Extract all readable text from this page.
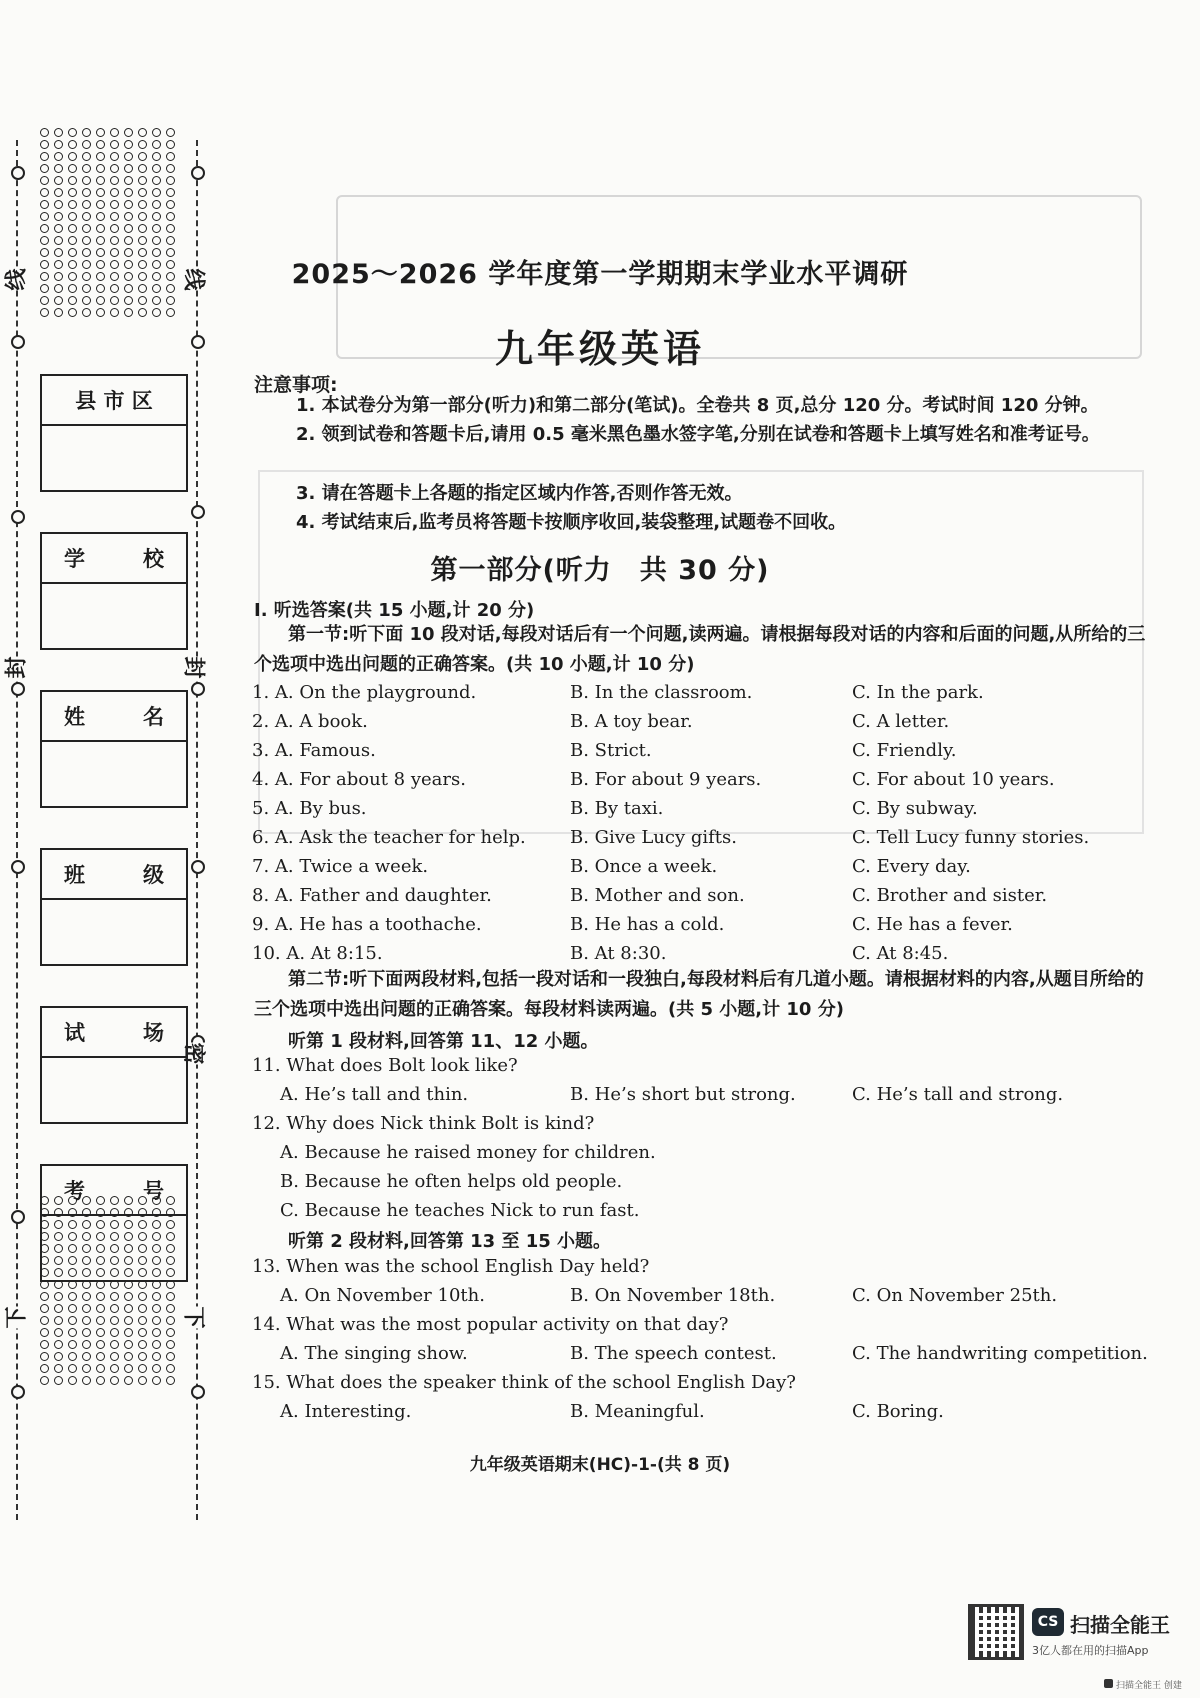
线
封
下
线
封
密
下
县 市 区
学	校
姓	名
班	级
试	场
考	号
2025～2026 学年度第一学期期末学业水平调研
九年级英语
注意事项:
1. 本试卷分为第一部分(听力)和第二部分(笔试)。全卷共 8 页,总分 120 分。考试时间 120 分钟。
2. 领到试卷和答题卡后,请用 0.5 毫米黑色墨水签字笔,分别在试卷和答题卡上填写姓名和准考证号。
3. 请在答题卡上各题的指定区域内作答,否则作答无效。
4. 考试结束后,监考员将答题卡按顺序收回,装袋整理,试题卷不回收。
第一部分(听力　共 30 分)
Ⅰ. 听选答案(共 15 小题,计 20 分)
第一节:听下面 10 段对话,每段对话后有一个问题,读两遍。请根据每段对话的内容和后面的问题,从所给的三个选项中选出问题的正确答案。(共 10 小题,计 10 分)
1. A. On the playground.	B. In the classroom.	C. In the park.
2. A. A book.	B. A toy bear.	C. A letter.
3. A. Famous.	B. Strict.	C. Friendly.
4. A. For about 8 years.	B. For about 9 years.	C. For about 10 years.
5. A. By bus.	B. By taxi.	C. By subway.
6. A. Ask the teacher for help. B. Give Lucy gifts.	C. Tell Lucy funny stories.
7. A. Twice a week.	B. Once a week.	C. Every day.
8. A. Father and daughter.	B. Mother and son.	C. Brother and sister.
9. A. He has a toothache.	B. He has a cold.	C. He has a fever.
10. A. At 8:15.	B. At 8:30.	C. At 8:45.
第二节:听下面两段材料,包括一段对话和一段独白,每段材料后有几道小题。请根据材料的内容,从题目所给的三个选项中选出问题的正确答案。每段材料读两遍。(共 5 小题,计 10 分)
听第 1 段材料,回答第 11、12 小题。
11. What does Bolt look like?
A. He’s tall and thin.	B. He’s short but strong.	C. He’s tall and strong.
12. Why does Nick think Bolt is kind?
A. Because he raised money for children.
B. Because he often helps old people.
C. Because he teaches Nick to run fast.
听第 2 段材料,回答第 13 至 15 小题。
13. When was the school English Day held?
A. On November 10th.	B. On November 18th.	C. On November 25th.
14. What was the most popular activity on that day?
A. The singing show.	B. The speech contest.	C. The handwriting competition.
15. What does the speaker think of the school English Day?
A. Interesting.	B. Meaningful.	C. Boring.
九年级英语期末(HC)-1-(共 8 页)
CS 扫描全能王
3亿人都在用的扫描App
扫描全能王 创建
